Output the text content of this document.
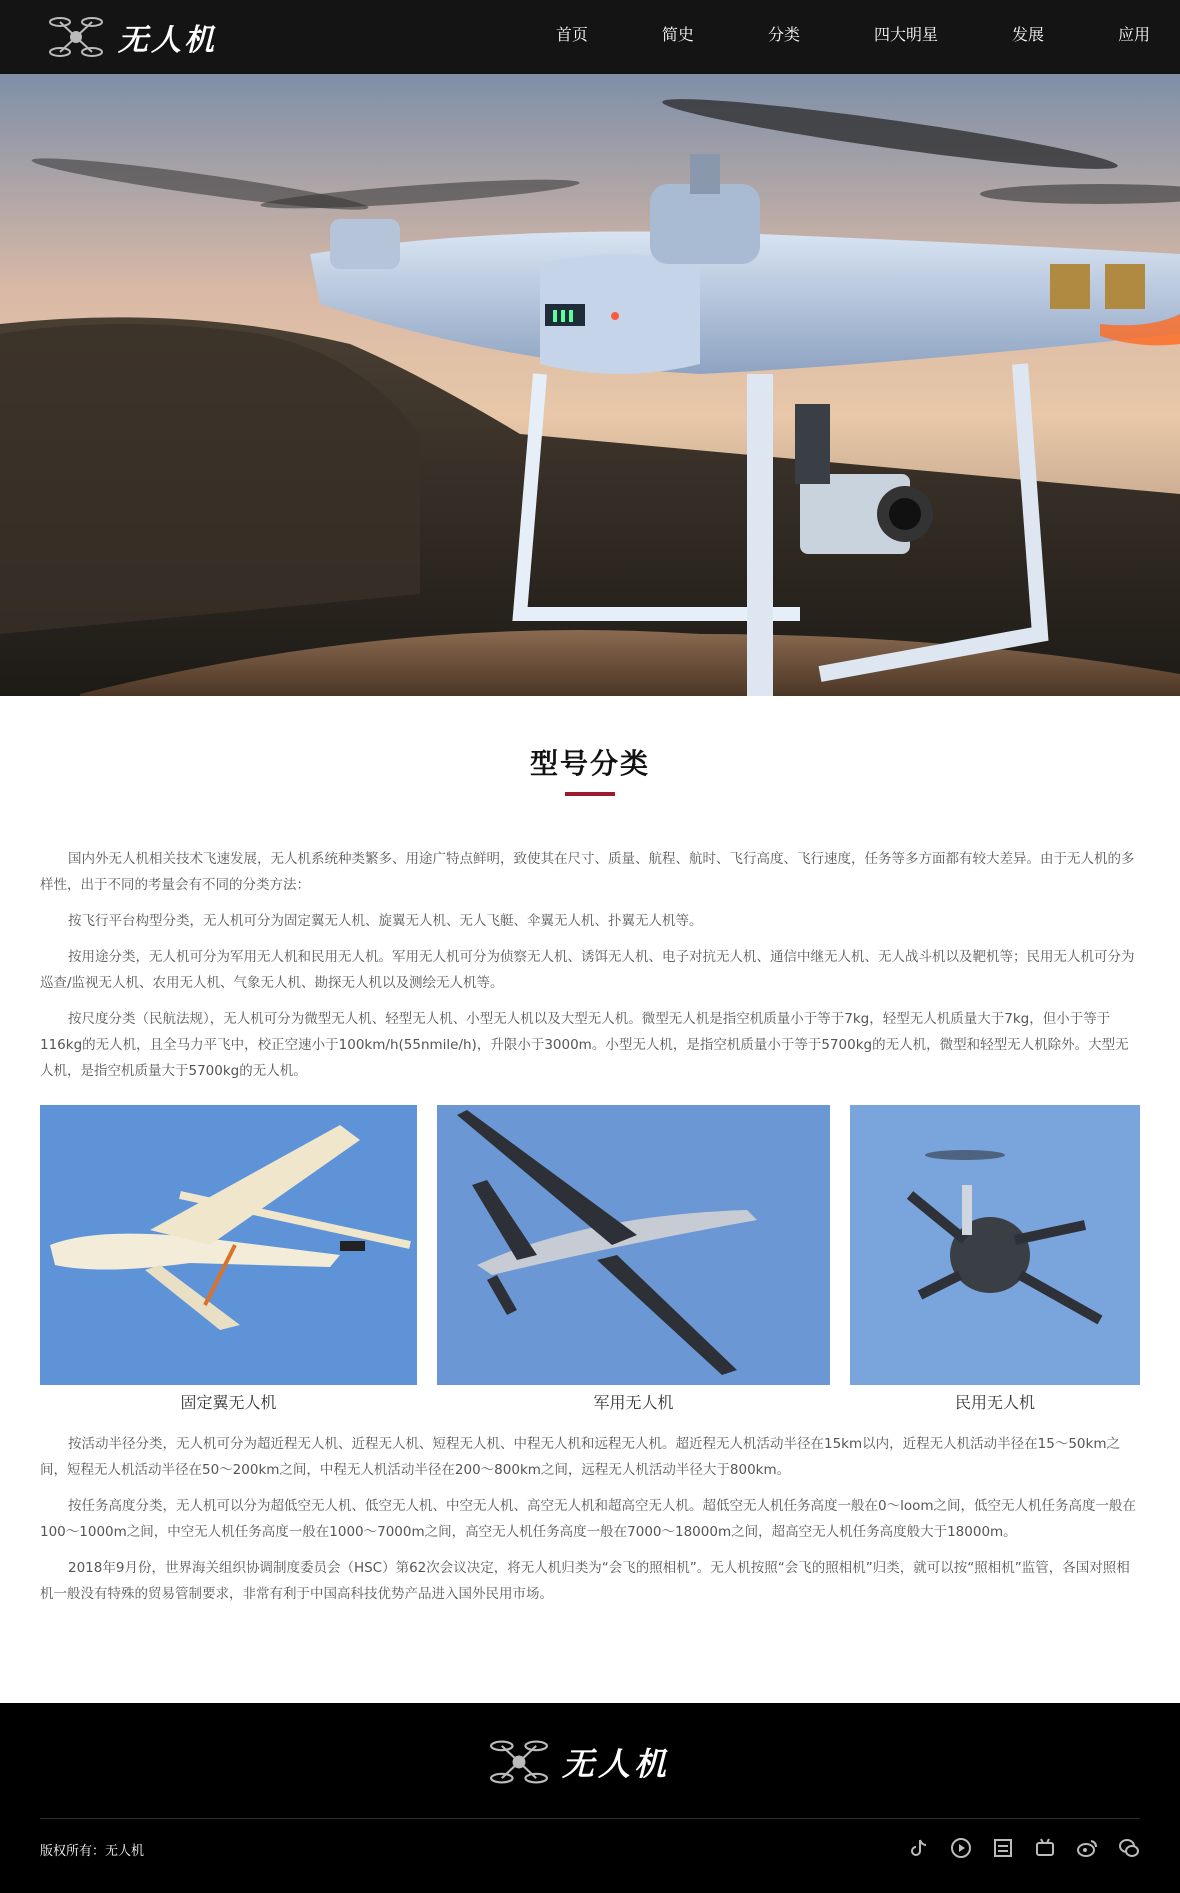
无人机	首页	简史	分类	四大明星	发展	应用
型号分类

国内外无人机相关技术飞速发展，无人机系统种类繁多、用途广特点鲜明，致使其在尺寸、质量、航程、航时、飞行高度、飞行速度，任务等多方面都有较大差异。由于无人机的多样性，出于不同的考量会有不同的分类方法：

按飞行平台构型分类，无人机可分为固定翼无人机、旋翼无人机、无人飞艇、伞翼无人机、扑翼无人机等。

按用途分类，无人机可分为军用无人机和民用无人机。军用无人机可分为侦察无人机、诱饵无人机、电子对抗无人机、通信中继无人机、无人战斗机以及靶机等；民用无人机可分为巡查/监视无人机、农用无人机、气象无人机、勘探无人机以及测绘无人机等。

按尺度分类（民航法规），无人机可分为微型无人机、轻型无人机、小型无人机以及大型无人机。微型无人机是指空机质量小于等于7kg，轻型无人机质量大于7kg，但小于等于116kg的无人机，且全马力平飞中，校正空速小于100km/h(55nmile/h)，升限小于3000m。小型无人机，是指空机质量小于等于5700kg的无人机，微型和轻型无人机除外。大型无人机，是指空机质量大于5700kg的无人机。

固定翼无人机	军用无人机	民用无人机

按活动半径分类，无人机可分为超近程无人机、近程无人机、短程无人机、中程无人机和远程无人机。超近程无人机活动半径在15km以内，近程无人机活动半径在15～50km之间，短程无人机活动半径在50～200km之间，中程无人机活动半径在200～800km之间，远程无人机活动半径大于800km。

按任务高度分类，无人机可以分为超低空无人机、低空无人机、中空无人机、高空无人机和超高空无人机。超低空无人机任务高度一般在0～loom之间，低空无人机任务高度一般在100～1000m之间，中空无人机任务高度一般在1000～7000m之间，高空无人机任务高度一般在7000～18000m之间，超高空无人机任务高度般大于18000m。

2018年9月份，世界海关组织协调制度委员会（HSC）第62次会议决定，将无人机归类为“会飞的照相机”。无人机按照“会飞的照相机”归类，就可以按“照相机”监管，各国对照相机一般没有特殊的贸易管制要求，非常有利于中国高科技优势产品进入国外民用市场。

无人机
版权所有：无人机
